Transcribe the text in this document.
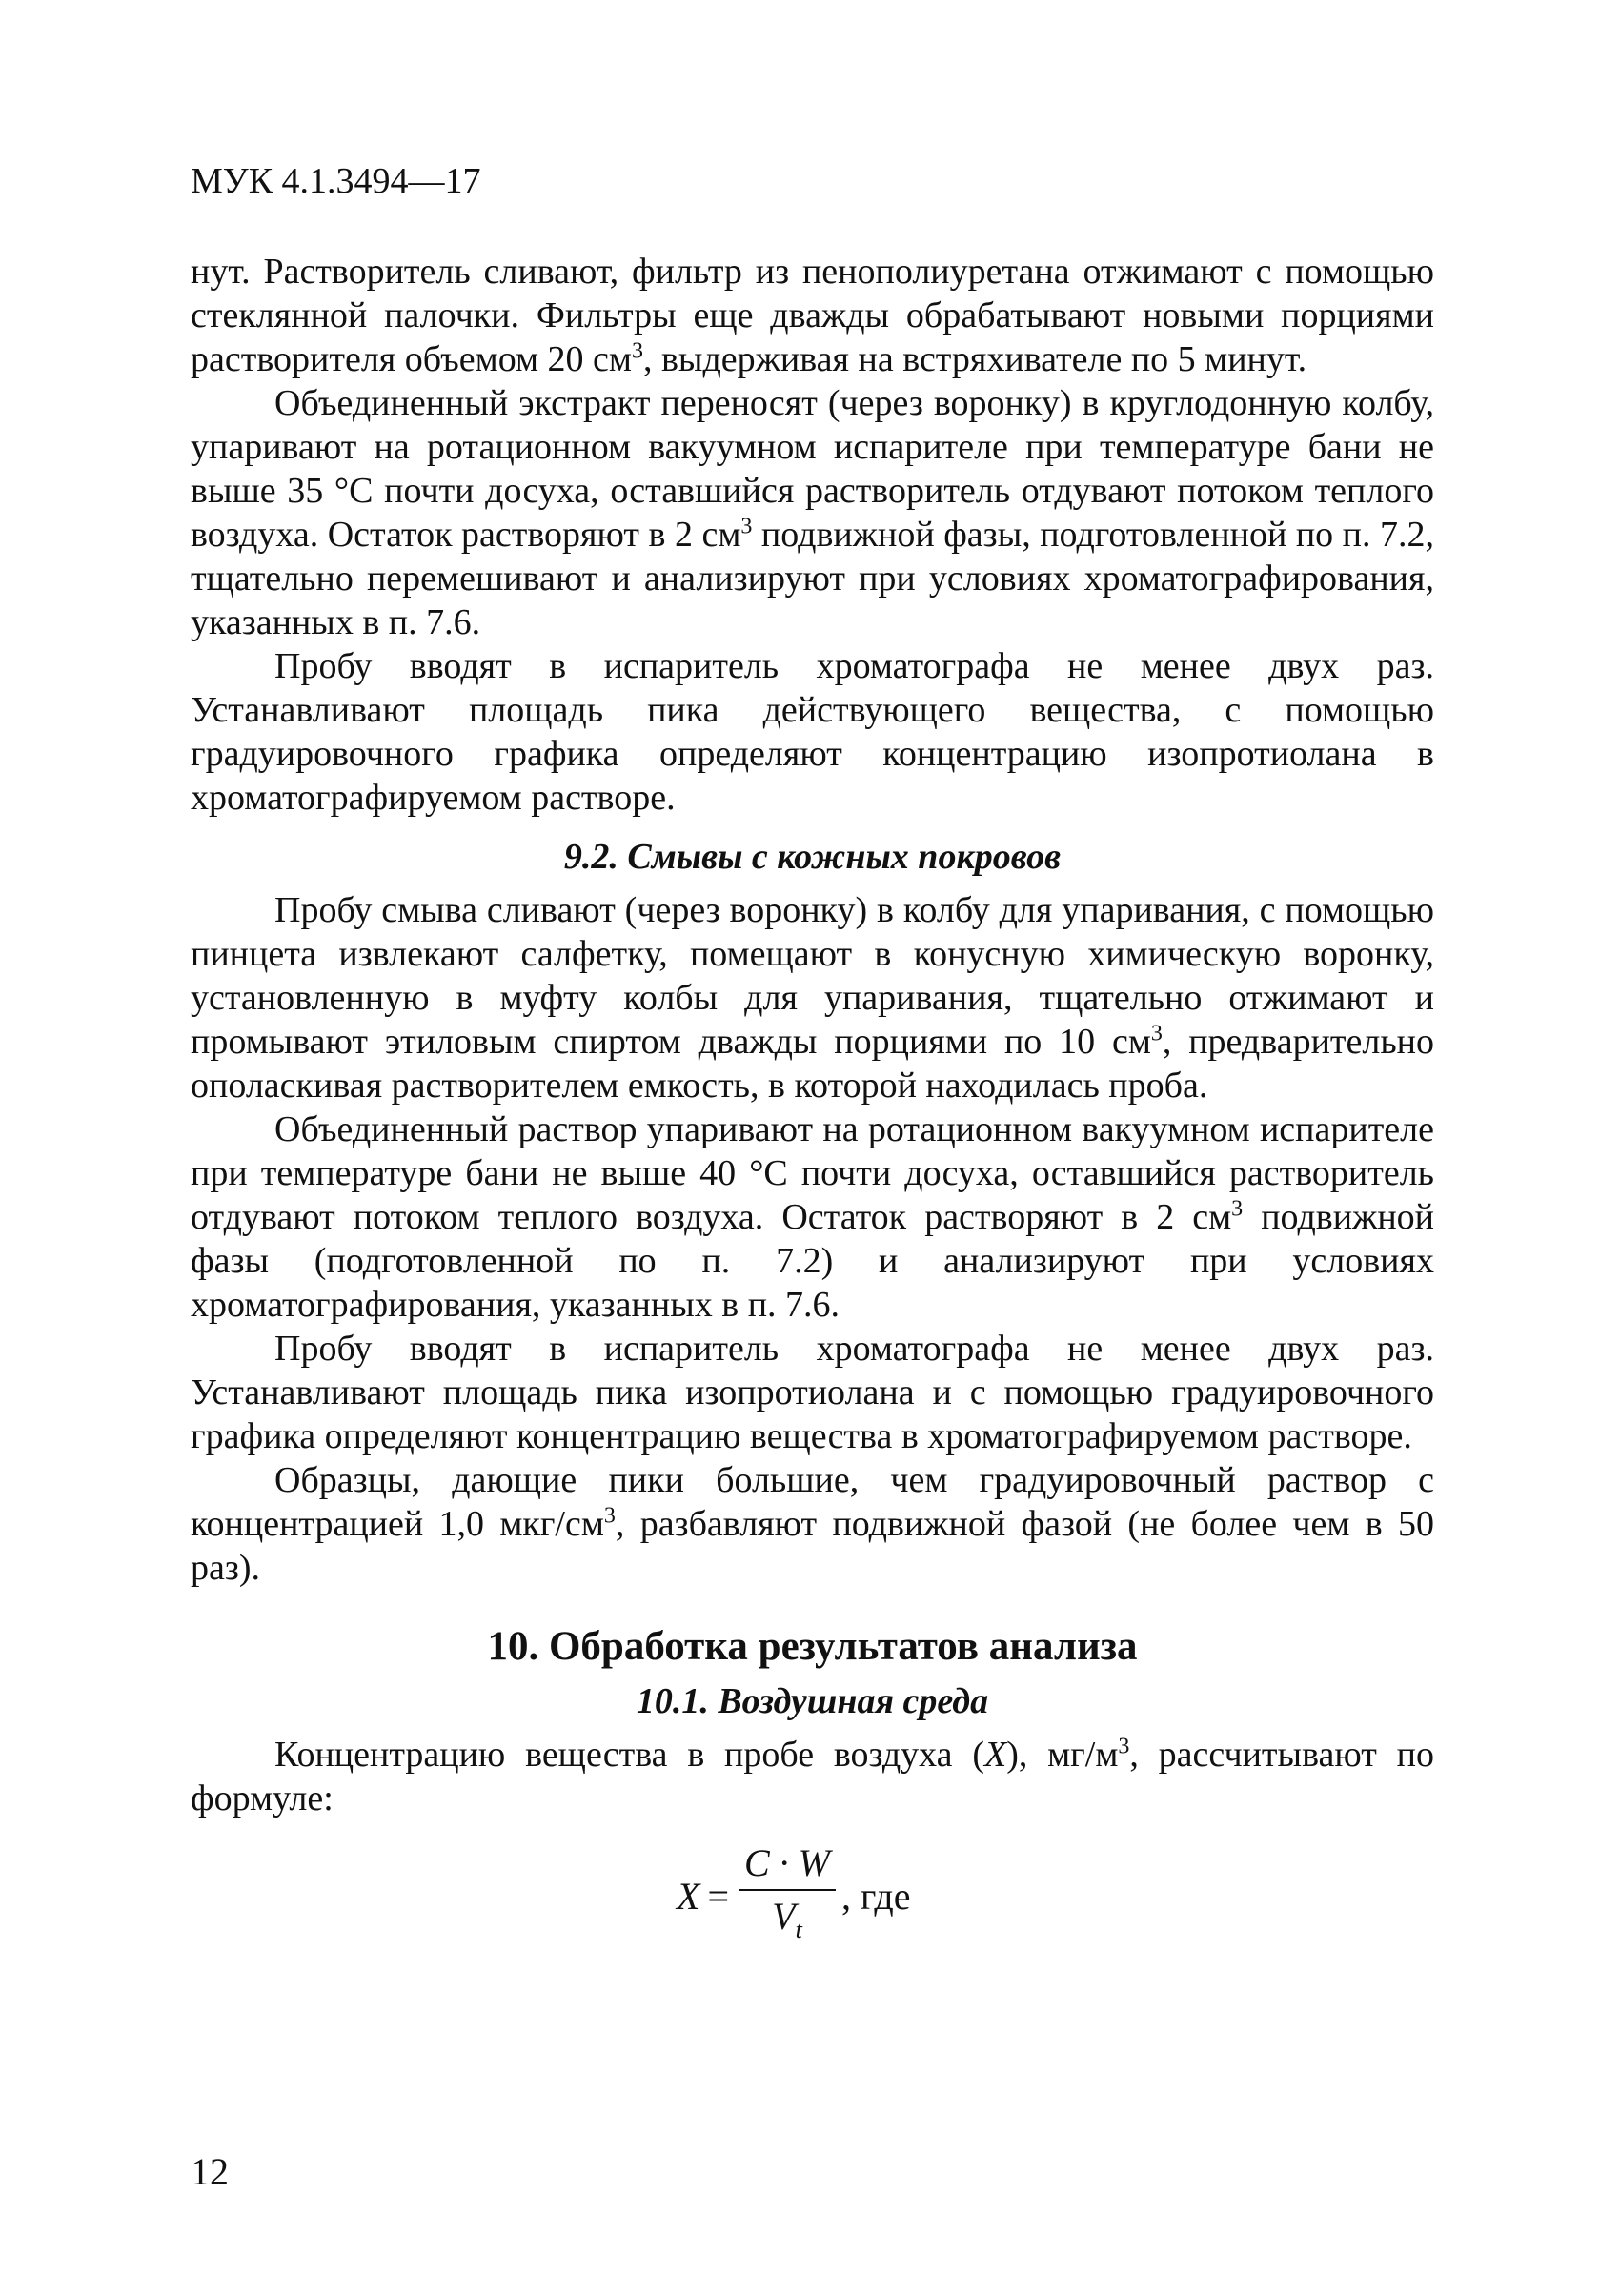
МУК 4.1.3494—17

нут. Растворитель сливают, фильтр из пенополиуретана отжимают с помощью стеклянной палочки. Фильтры еще дважды обрабатывают новыми порциями растворителя объемом 20 $см^3$, выдерживая на встряхивателе по 5 минут.

Объединенный экстракт переносят (через воронку) в круглодонную колбу, упаривают на ротационном вакуумном испарителе при температуре бани не выше 35 °С почти досуха, оставшийся растворитель отдувают потоком теплого воздуха. Остаток растворяют в 2 $см^3$ подвижной фазы, подготовленной по п. 7.2, тщательно перемешивают и анализируют при условиях хроматографирования, указанных в п. 7.6.

Пробу вводят в испаритель хроматографа не менее двух раз. Устанавливают площадь пика действующего вещества, с помощью градуировочного графика определяют концентрацию изопротиолана в хроматографируемом растворе.

9.2. Смывы с кожных покровов

Пробу смыва сливают (через воронку) в колбу для упаривания, с помощью пинцета извлекают салфетку, помещают в конусную химическую воронку, установленную в муфту колбы для упаривания, тщательно отжимают и промывают этиловым спиртом дважды порциями по 10 $см^3$, предварительно ополаскивая растворителем емкость, в которой находилась проба.

Объединенный раствор упаривают на ротационном вакуумном испарителе при температуре бани не выше 40 °С почти досуха, оставшийся растворитель отдувают потоком теплого воздуха. Остаток растворяют в 2 $см^3$ подвижной фазы (подготовленной по п. 7.2) и анализируют при условиях хроматографирования, указанных в п. 7.6.

Пробу вводят в испаритель хроматографа не менее двух раз. Устанавливают площадь пика изопротиолана и с помощью градуировочного графика определяют концентрацию вещества в хроматографируемом растворе.

Образцы, дающие пики большие, чем градуировочный раствор с концентрацией 1,0 мкг/$см^3$, разбавляют подвижной фазой (не более чем в 50 раз).

10. Обработка результатов анализа
10.1. Воздушная среда

Концентрацию вещества в пробе воздуха (X), $мг/м^3$, рассчитывают по формуле:

$X = \frac{C \cdot W}{V_t}$ , где
12
